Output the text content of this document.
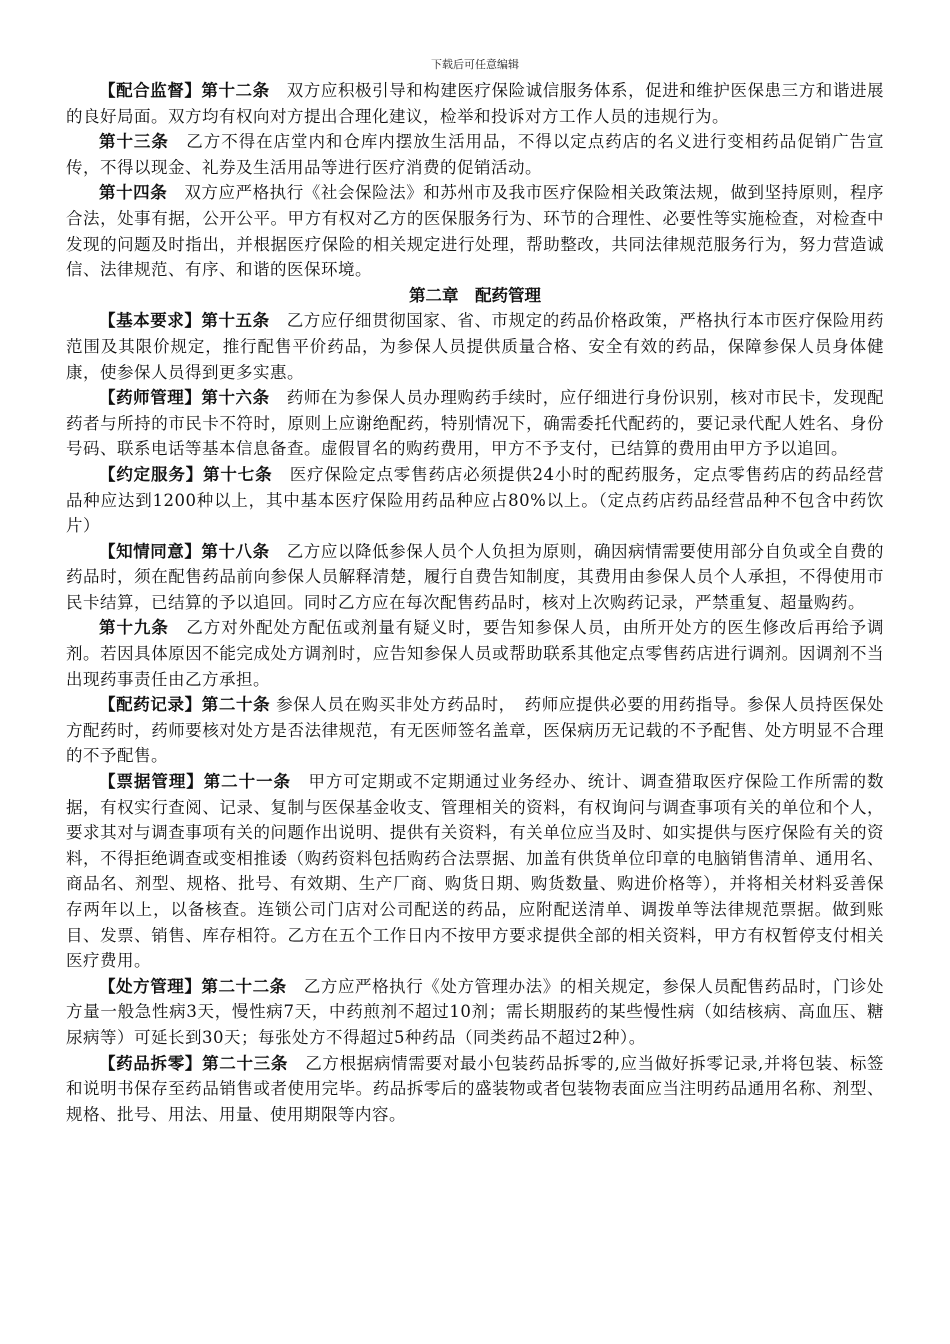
下载后可任意编辑

【配合监督】第十二条　双方应积极引导和构建医疗保险诚信服务体系，促进和维护医保患三方和谐进展的良好局面。双方均有权向对方提出合理化建议，检举和投诉对方工作人员的违规行为。

第十三条　乙方不得在店堂内和仓库内摆放生活用品，不得以定点药店的名义进行变相药品促销广告宣传，不得以现金、礼券及生活用品等进行医疗消费的促销活动。

第十四条　双方应严格执行《社会保险法》和苏州市及我市医疗保险相关政策法规，做到坚持原则，程序合法，处事有据，公开公平。甲方有权对乙方的医保服务行为、环节的合理性、必要性等实施检查，对检查中发现的问题及时指出，并根据医疗保险的相关规定进行处理，帮助整改，共同法律规范服务行为，努力营造诚信、法律规范、有序、和谐的医保环境。

第二章　配药管理

【基本要求】第十五条　乙方应仔细贯彻国家、省、市规定的药品价格政策，严格执行本市医疗保险用药范围及其限价规定，推行配售平价药品，为参保人员提供质量合格、安全有效的药品，保障参保人员身体健康，使参保人员得到更多实惠。

【药师管理】第十六条　药师在为参保人员办理购药手续时，应仔细进行身份识别，核对市民卡，发现配药者与所持的市民卡不符时，原则上应谢绝配药，特别情况下，确需委托代配药的，要记录代配人姓名、身份号码、联系电话等基本信息备查。虚假冒名的购药费用，甲方不予支付，已结算的费用由甲方予以追回。

【约定服务】第十七条　医疗保险定点零售药店必须提供24小时的配药服务，定点零售药店的药品经营品种应达到1200种以上，其中基本医疗保险用药品种应占80%以上。（定点药店药品经营品种不包含中药饮片）

【知情同意】第十八条　乙方应以降低参保人员个人负担为原则，确因病情需要使用部分自负或全自费的药品时，须在配售药品前向参保人员解释清楚，履行自费告知制度，其费用由参保人员个人承担，不得使用市民卡结算，已结算的予以追回。同时乙方应在每次配售药品时，核对上次购药记录，严禁重复、超量购药。

第十九条　乙方对外配处方配伍或剂量有疑义时，要告知参保人员，由所开处方的医生修改后再给予调剂。若因具体原因不能完成处方调剂时，应告知参保人员或帮助联系其他定点零售药店进行调剂。因调剂不当出现药事责任由乙方承担。

【配药记录】第二十条 参保人员在购买非处方药品时，　药师应提供必要的用药指导。参保人员持医保处方配药时，药师要核对处方是否法律规范，有无医师签名盖章，医保病历无记载的不予配售、处方明显不合理的不予配售。

【票据管理】第二十一条　甲方可定期或不定期通过业务经办、统计、调查猎取医疗保险工作所需的数据，有权实行查阅、记录、复制与医保基金收支、管理相关的资料，有权询问与调查事项有关的单位和个人，要求其对与调查事项有关的问题作出说明、提供有关资料，有关单位应当及时、如实提供与医疗保险有关的资料，不得拒绝调查或变相推诿（购药资料包括购药合法票据、加盖有供货单位印章的电脑销售清单、通用名、商品名、剂型、规格、批号、有效期、生产厂商、购货日期、购货数量、购进价格等），并将相关材料妥善保存两年以上，以备核查。连锁公司门店对公司配送的药品，应附配送清单、调拨单等法律规范票据。做到账目、发票、销售、库存相符。乙方在五个工作日内不按甲方要求提供全部的相关资料，甲方有权暂停支付相关医疗费用。

【处方管理】第二十二条　乙方应严格执行《处方管理办法》的相关规定，参保人员配售药品时，门诊处方量一般急性病3天，慢性病7天，中药煎剂不超过10剂；需长期服药的某些慢性病（如结核病、高血压、糖尿病等）可延长到30天；每张处方不得超过5种药品（同类药品不超过2种）。

【药品拆零】第二十三条　乙方根据病情需要对最小包装药品拆零的,应当做好拆零记录,并将包装、标签和说明书保存至药品销售或者使用完毕。药品拆零后的盛装物或者包装物表面应当注明药品通用名称、剂型、规格、批号、用法、用量、使用期限等内容。
